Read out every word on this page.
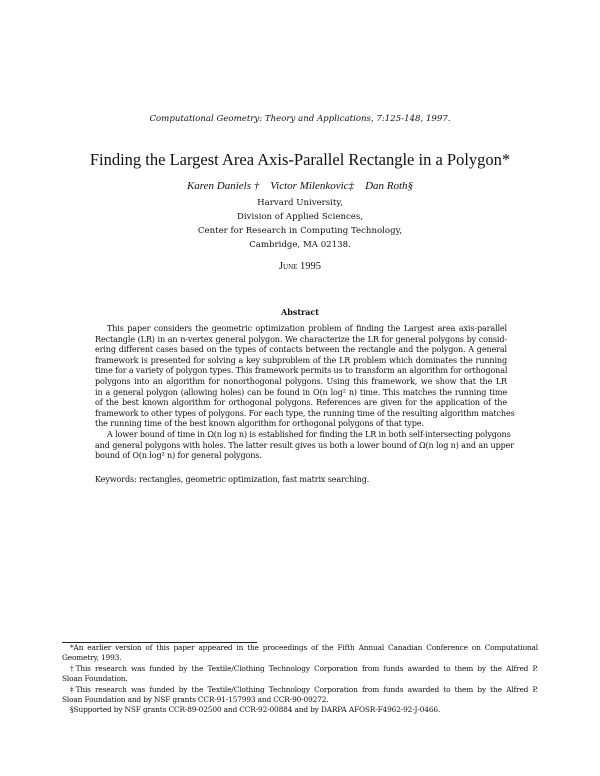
Computational Geometry: Theory and Applications, 7:125-148, 1997.
Finding the Largest Area Axis-Parallel Rectangle in a Polygon*
Karen Daniels † Victor Milenkovic‡ Dan Roth§
Harvard University,
Division of Applied Sciences,
Center for Research in Computing Technology,
Cambridge, MA 02138.
June 1995
Abstract
This paper considers the geometric optimization problem of finding the Largest area axis-parallel
Rectangle (LR) in an n-vertex general polygon. We characterize the LR for general polygons by consid-
ering different cases based on the types of contacts between the rectangle and the polygon. A general
framework is presented for solving a key subproblem of the LR problem which dominates the running
time for a variety of polygon types. This framework permits us to transform an algorithm for orthogonal
polygons into an algorithm for nonorthogonal polygons. Using this framework, we show that the LR
in a general polygon (allowing holes) can be found in O(n log² n) time. This matches the running time
of the best known algorithm for orthogonal polygons. References are given for the application of the
framework to other types of polygons. For each type, the running time of the resulting algorithm matches
the running time of the best known algorithm for orthogonal polygons of that type.
A lower bound of time in Ω(n log n) is established for finding the LR in both self-intersecting polygons
and general polygons with holes. The latter result gives us both a lower bound of Ω(n log n) and an upper
bound of O(n log² n) for general polygons.
Keywords: rectangles, geometric optimization, fast matrix searching.
*An earlier version of this paper appeared in the proceedings of the Fifth Annual Canadian Conference on Computational
Geometry, 1993.
†This research was funded by the Textile/Clothing Technology Corporation from funds awarded to them by the Alfred P.
Sloan Foundation.
‡This research was funded by the Textile/Clothing Technology Corporation from funds awarded to them by the Alfred P.
Sloan Foundation and by NSF grants CCR-91-157993 and CCR-90-09272.
§Supported by NSF grants CCR-89-02500 and CCR-92-00884 and by DARPA AFOSR-F4962-92-J-0466.
